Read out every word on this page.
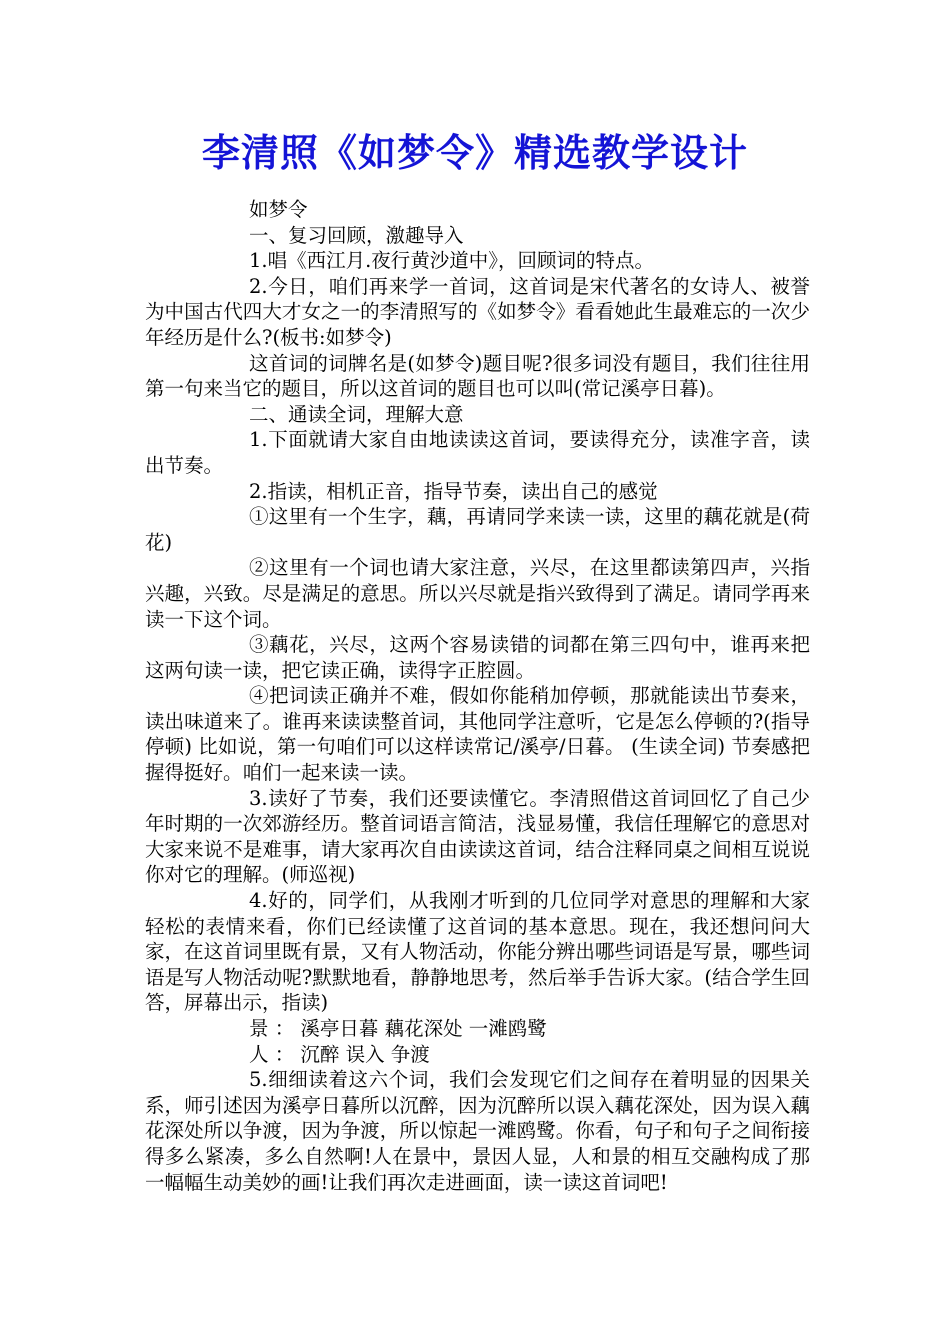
李清照《如梦令》精选教学设计

如梦令

一、复习回顾，激趣导入

1.唱《西江月.夜行黄沙道中》，回顾词的特点。

2.今日，咱们再来学一首词，这首词是宋代著名的女诗人、被誉为中国古代四大才女之一的李清照写的《如梦令》看看她此生最难忘的一次少年经历是什么?(板书:如梦令)

这首词的词牌名是(如梦令)题目呢?很多词没有题目，我们往往用第一句来当它的题目，所以这首词的题目也可以叫(常记溪亭日暮)。

二、通读全词，理解大意

1.下面就请大家自由地读读这首词，要读得充分，读准字音，读出节奏。

2.指读，相机正音，指导节奏，读出自己的感觉

①这里有一个生字，藕，再请同学来读一读，这里的藕花就是(荷花)

②这里有一个词也请大家注意，兴尽，在这里都读第四声，兴指兴趣，兴致。尽是满足的意思。所以兴尽就是指兴致得到了满足。请同学再来读一下这个词。

③藕花，兴尽，这两个容易读错的词都在第三四句中，谁再来把这两句读一读，把它读正确，读得字正腔圆。

④把词读正确并不难，假如你能稍加停顿，那就能读出节奏来，读出味道来了。谁再来读读整首词，其他同学注意听，它是怎么停顿的?(指导停顿) 比如说，第一句咱们可以这样读常记/溪亭/日暮。 (生读全词) 节奏感把握得挺好。咱们一起来读一读。

3.读好了节奏，我们还要读懂它。李清照借这首词回忆了自己少年时期的一次郊游经历。整首词语言简洁，浅显易懂，我信任理解它的意思对大家来说不是难事，请大家再次自由读读这首词，结合注释同桌之间相互说说你对它的理解。(师巡视)

4.好的，同学们，从我刚才听到的几位同学对意思的理解和大家轻松的表情来看，你们已经读懂了这首词的基本意思。现在，我还想问问大家，在这首词里既有景，又有人物活动，你能分辨出哪些词语是写景，哪些词语是写人物活动呢?默默地看，静静地思考，然后举手告诉大家。(结合学生回答，屏幕出示，指读)

景 ： 溪亭日暮 藕花深处 一滩鸥鹭

人 ： 沉醉 误入 争渡

5.细细读着这六个词，我们会发现它们之间存在着明显的因果关系，师引述因为溪亭日暮所以沉醉，因为沉醉所以误入藕花深处，因为误入藕花深处所以争渡，因为争渡，所以惊起一滩鸥鹭。你看，句子和句子之间衔接得多么紧凑，多么自然啊!人在景中，景因人显，人和景的相互交融构成了那一幅幅生动美妙的画!让我们再次走进画面，读一读这首词吧!
